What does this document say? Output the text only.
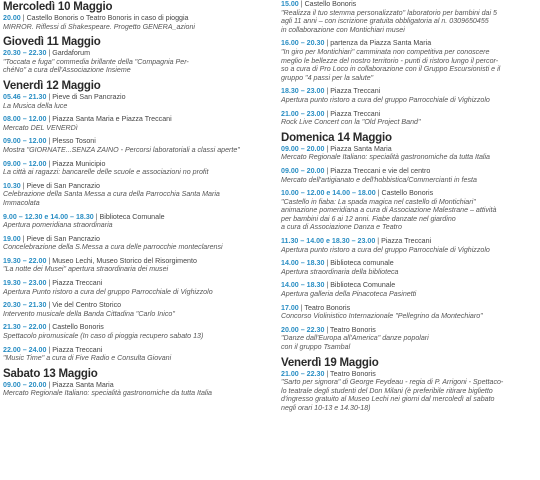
Mercoledì 10 Maggio
20.00 | Castello Bonoris o Teatro Bonoris in caso di pioggia
MIRROR. Riflessi di Shakespeare. Progetto GENERA_azioni
Giovedì 11 Maggio
20.30 – 22.30 | Gardaforum
"Toccata e fuga" commedia brillante della "Compagnia Per-
chéNo" a cura dell'Associazione Insieme
Venerdì 12 Maggio
05.46 – 21.30 | Pieve di San Pancrazio
La Musica della luce
08.00 – 12.00 | Piazza Santa Maria e Piazza Treccani
Mercato DEL VENERDì
09.00 – 12.00 | Plesso Tosoni
Mostra "GIORNATE...SENZA ZAINO - Percorsi laboratoriali a classi aperte"
09.00 – 12.00 | Piazza Municipio
La città ai ragazzi: bancarelle delle scuole e associazioni no profit
10.30 | Pieve di San Pancrazio
Celebrazione della Santa Messa a cura della Parrocchia Santa Maria
Immacolata
9.00 – 12.30 e 14.00 – 18.30 | Biblioteca Comunale
Apertura pomeridiana straordinaria
19.00 | Pieve di San Pancrazio
Concelebrazione della S.Messa a cura delle parrocchie monteclarensi
19.30 – 22.00 | Museo Lechi, Museo Storico del Risorgimento
"La notte dei Musei" apertura straordinaria dei musei
19.30 – 23.00 | Piazza Treccani
Apertura Punto ristoro a cura del gruppo Parrocchiale di Vighizzolo
20.30 – 21.30 | Vie del Centro Storico
Intervento musicale della Banda Cittadina "Carlo Inico"
21.30 – 22.00 | Castello Bonoris
Spettacolo piromusicale (In caso di pioggia recupero sabato 13)
22.00 – 24.00 | Piazza Treccani
"Music Time" a cura di Five Radio e Consulta Giovani
Sabato 13 Maggio
09.00 – 20.00 | Piazza Santa Maria
Mercato Regionale Italiano: specialità gastronomiche da tutta Italia
15.00 | Castello Bonoris
"Realizza il tuo stemma personalizzato" laboratorio per bambini dai 5
agli 11 anni – con iscrizione gratuita obbligatoria al n. 0309650455
in collaborazione con Montichiari musei
16.00 – 20.30 | partenza da Piazza Santa Maria
"In giro per Montichiari" camminata non competitiva per conoscere
meglio le bellezze del nostro territorio - punti di ristoro lungo il percor-
so a cura di Pro Loco in collaborazione con il Gruppo Escursionisti e il
gruppo "4 passi per la salute"
18.30 – 23.00 | Piazza Treccani
Apertura punto ristoro a cura del gruppo Parrocchiale di Vighizzolo
21.00 – 23.00 | Piazza Treccani
Rock Live Concert con la "Old Project Band"
Domenica 14 Maggio
09.00 – 20.00 | Piazza Santa Maria
Mercato Regionale Italiano: specialità gastronomiche da tutta Italia
09.00 – 20.00 | Piazza Treccani e vie del centro
Mercato dell'artigianato e dell'hobbistica/Commercianti in festa
10.00 – 12.00 e 14.00 – 18.00 | Castello Bonoris
"Castello in fiaba: La spada magica nel castello di Montichiari"
animazione pomeridiana a cura di Associazione Malestrane – attività
per bambini dai 6 ai 12 anni. Fiabe danzate nel giardino
a cura di Associazione Danza e Teatro
11.30 – 14.00 e 18.30 – 23.00 | Piazza Treccani
Apertura punto ristoro a cura del gruppo Parrocchiale di Vighizzolo
14.00 – 18.30 | Biblioteca comunale
Apertura straordinaria della biblioteca
14.00 – 18.30 | Biblioteca Comunale
Apertura galleria della Pinacoteca Pasinetti
17.00 | Teatro Bonoris
Concorso Violinistico Internazionale "Pellegrino da Montechiaro"
20.00 – 22.30 | Teatro Bonoris
"Danze dall'Europa all'America" danze popolari
con il gruppo Tsambal
Venerdì 19 Maggio
21.00 – 22.30 | Teatro Bonoris
"Sarto per signora" di George Feydeau - regia di P. Arrigoni - Spettaco-
lo teatrale degli studenti del Don Milani (è preferibile ritirare biglietto
d'ingresso gratuito al Museo Lechi nei giorni dal mercoledì al sabato
negli orari 10-13 e 14.30-18)
